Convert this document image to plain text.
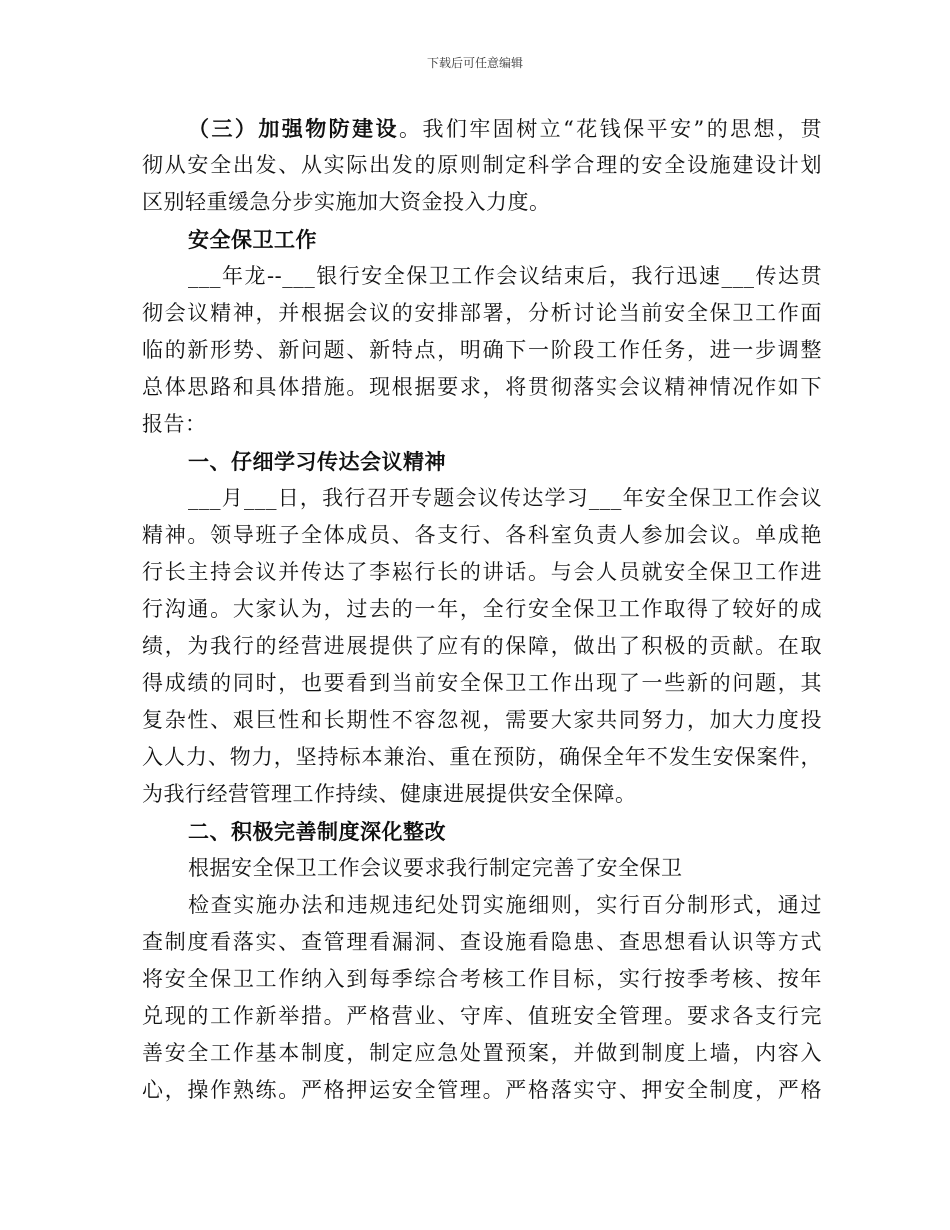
下载后可任意编辑
（三）加强物防建设。我们牢固树立“花钱保平安”的思想，贯
彻从安全出发、从实际出发的原则制定科学合理的安全设施建设计划
区别轻重缓急分步实施加大资金投入力度。
安全保卫工作
___年龙--___银行安全保卫工作会议结束后，我行迅速___传达贯
彻会议精神，并根据会议的安排部署，分析讨论当前安全保卫工作面
临的新形势、新问题、新特点，明确下一阶段工作任务，进一步调整
总体思路和具体措施。现根据要求，将贯彻落实会议精神情况作如下
报告：
一、仔细学习传达会议精神
___月___日，我行召开专题会议传达学习___年安全保卫工作会议
精神。领导班子全体成员、各支行、各科室负责人参加会议。单成艳
行长主持会议并传达了李崧行长的讲话。与会人员就安全保卫工作进
行沟通。大家认为，过去的一年，全行安全保卫工作取得了较好的成
绩，为我行的经营进展提供了应有的保障，做出了积极的贡献。在取
得成绩的同时，也要看到当前安全保卫工作出现了一些新的问题，其
复杂性、艰巨性和长期性不容忽视，需要大家共同努力，加大力度投
入人力、物力，坚持标本兼治、重在预防，确保全年不发生安保案件，
为我行经营管理工作持续、健康进展提供安全保障。
二、积极完善制度深化整改
根据安全保卫工作会议要求我行制定完善了安全保卫
检查实施办法和违规违纪处罚实施细则，实行百分制形式，通过
查制度看落实、查管理看漏洞、查设施看隐患、查思想看认识等方式
将安全保卫工作纳入到每季综合考核工作目标，实行按季考核、按年
兑现的工作新举措。严格营业、守库、值班安全管理。要求各支行完
善安全工作基本制度，制定应急处置预案，并做到制度上墙，内容入
心，操作熟练。严格押运安全管理。严格落实守、押安全制度，严格
